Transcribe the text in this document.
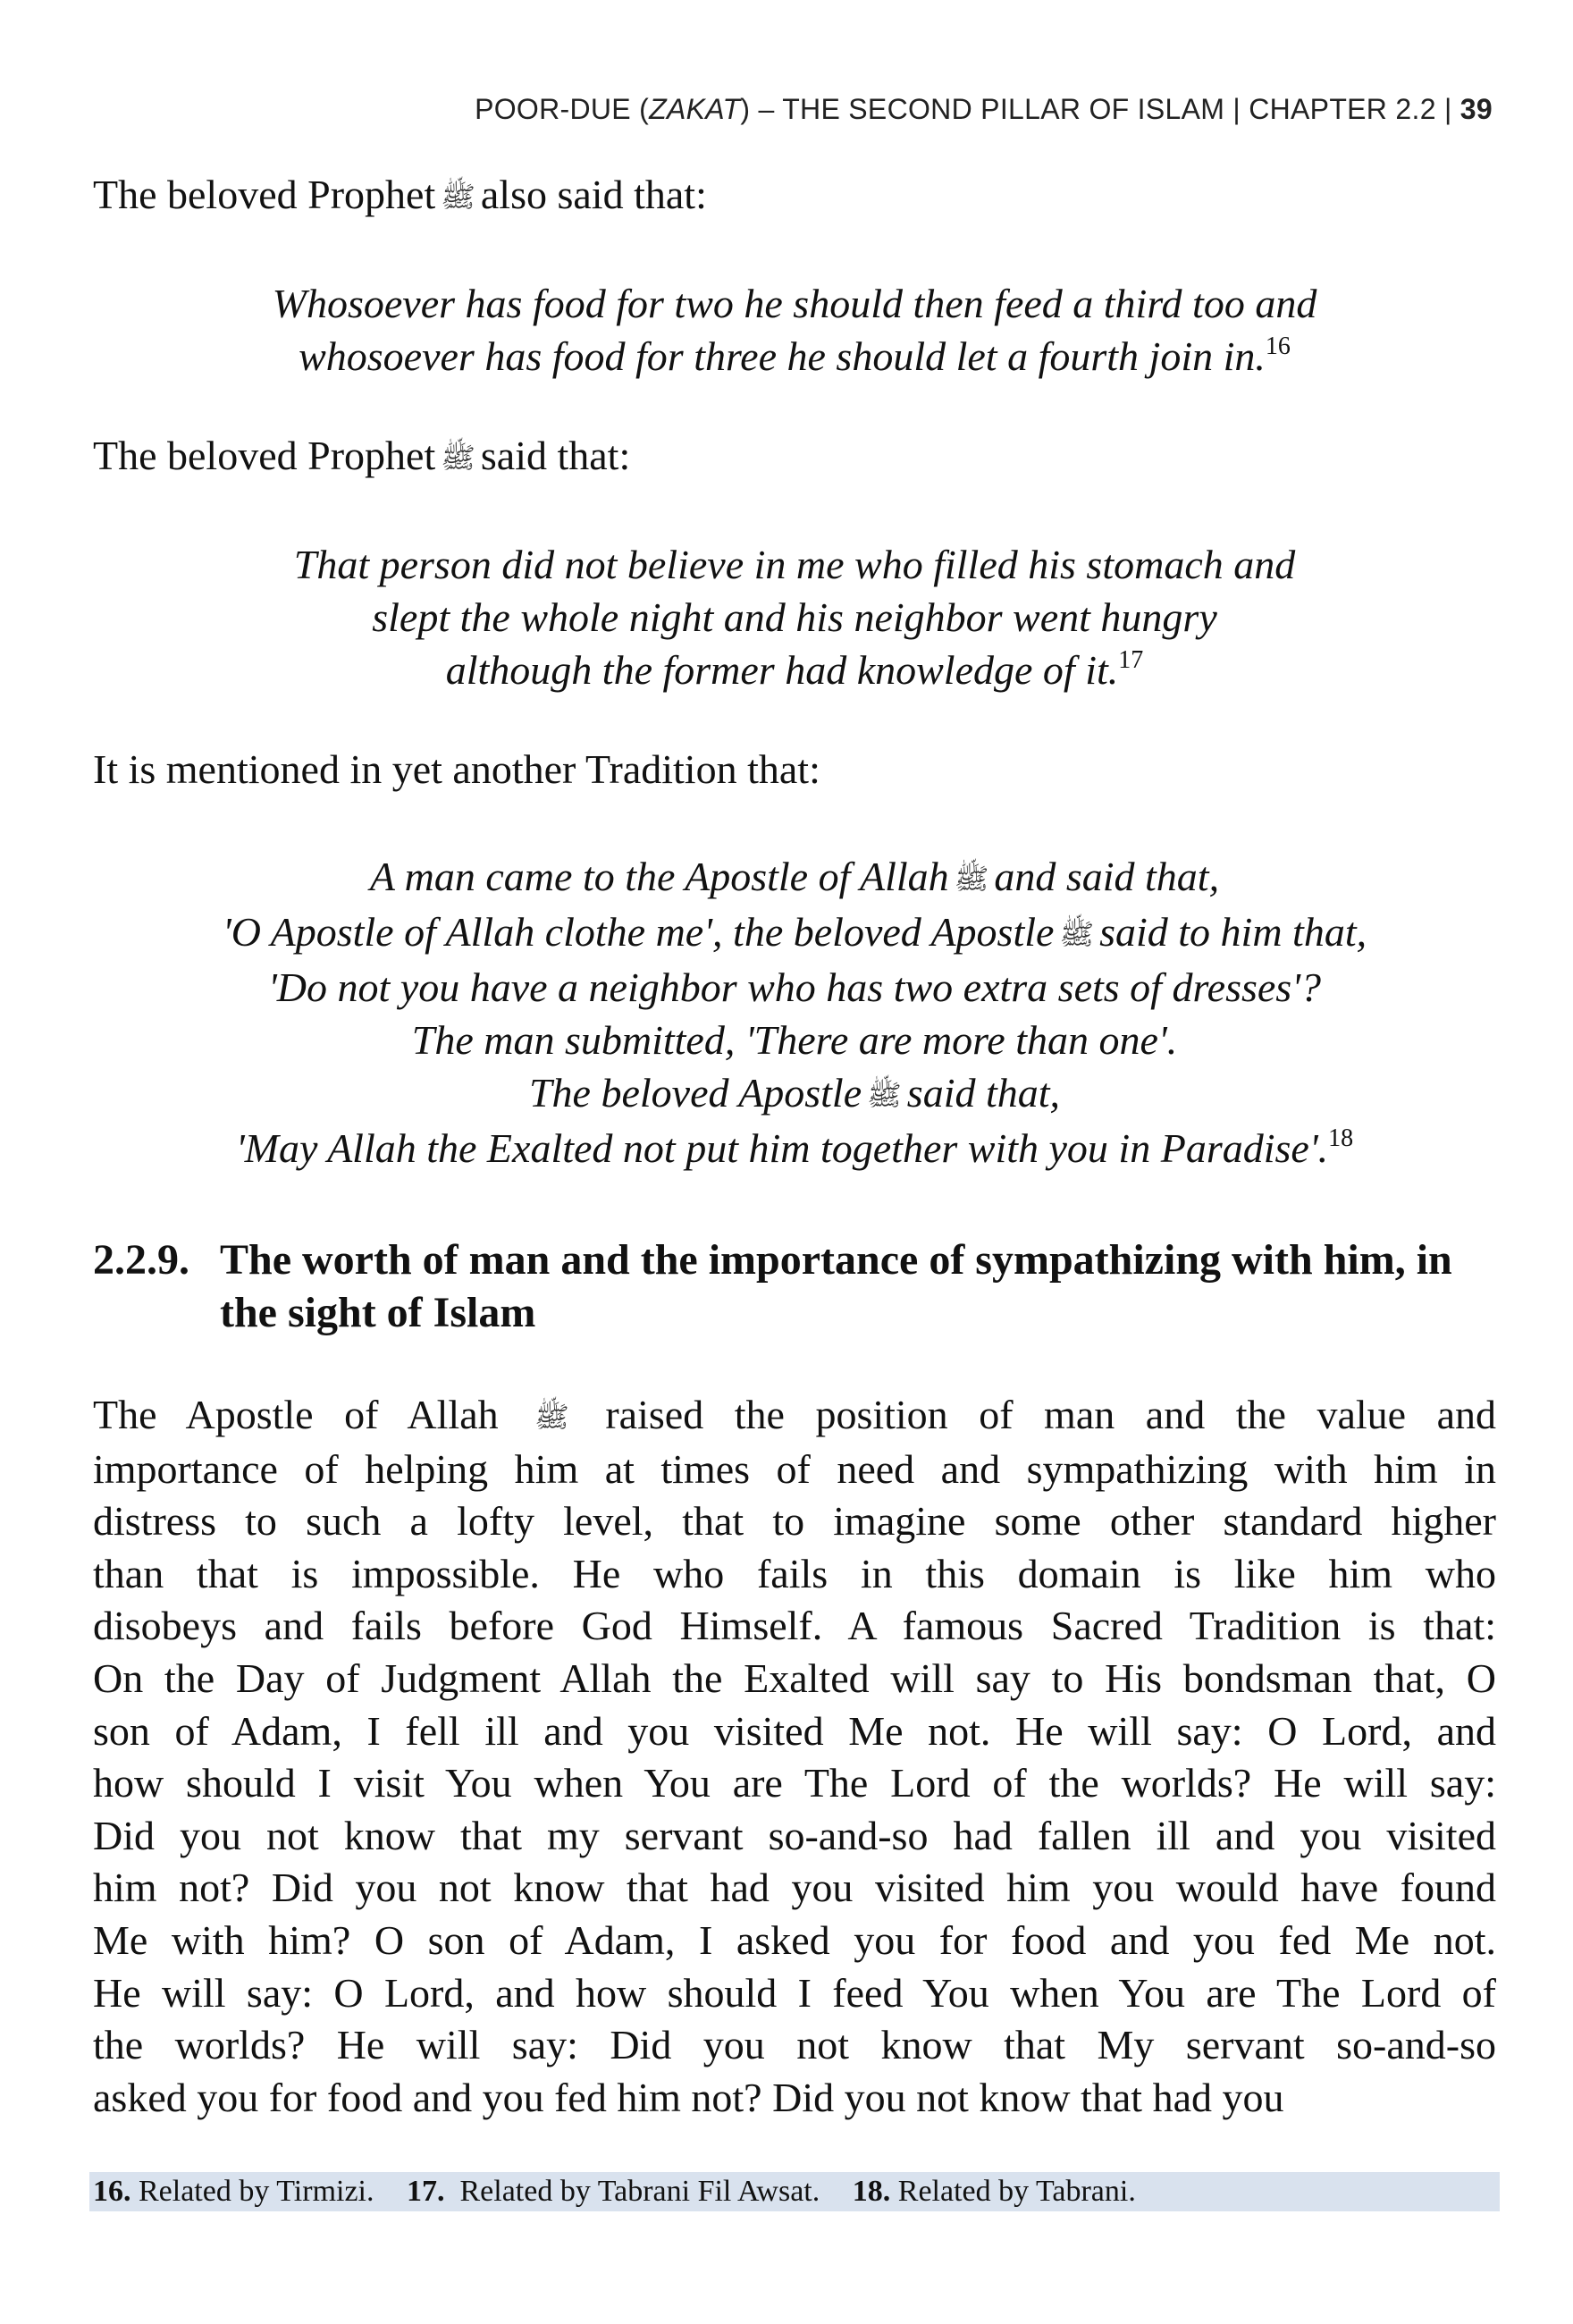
POOR-DUE (ZAKAT) – THE SECOND PILLAR OF ISLAM | CHAPTER 2.2 | 39

The beloved Prophet ﷺ also said that:

Whosoever has food for two he should then feed a third too and
whosoever has food for three he should let a fourth join in.$^{16}$

The beloved Prophet ﷺ said that:

That person did not believe in me who filled his stomach and
slept the whole night and his neighbor went hungry
although the former had knowledge of it.$^{17}$

It is mentioned in yet another Tradition that:

A man came to the Apostle of Allah ﷺ and said that,
'O Apostle of Allah clothe me', the beloved Apostle ﷺ said to him that,
'Do not you have a neighbor who has two extra sets of dresses'?
The man submitted, 'There are more than one'.
The beloved Apostle ﷺ said that,
'May Allah the Exalted not put him together with you in Paradise'.$^{18}$
2.2.9. The worth of man and the importance of sympathizing with him, in the sight of Islam
The Apostle of Allah ﷺ raised the position of man and the value and
importance of helping him at times of need and sympathizing with him in
distress to such a lofty level, that to imagine some other standard higher
than that is impossible. He who fails in this domain is like him who
disobeys and fails before God Himself. A famous Sacred Tradition is that:
On the Day of Judgment Allah the Exalted will say to His bondsman that, O
son of Adam, I fell ill and you visited Me not. He will say: O Lord, and
how should I visit You when You are The Lord of the worlds? He will say:
Did you not know that my servant so-and-so had fallen ill and you visited
him not? Did you not know that had you visited him you would have found
Me with him? O son of Adam, I asked you for food and you fed Me not.
He will say: O Lord, and how should I feed You when You are The Lord of
the worlds? He will say: Did you not know that My servant so-and-so
asked you for food and you fed him not? Did you not know that had you
16. Related by Tirmizi. 17. Related by Tabrani Fil Awsat. 18. Related by Tabrani.
